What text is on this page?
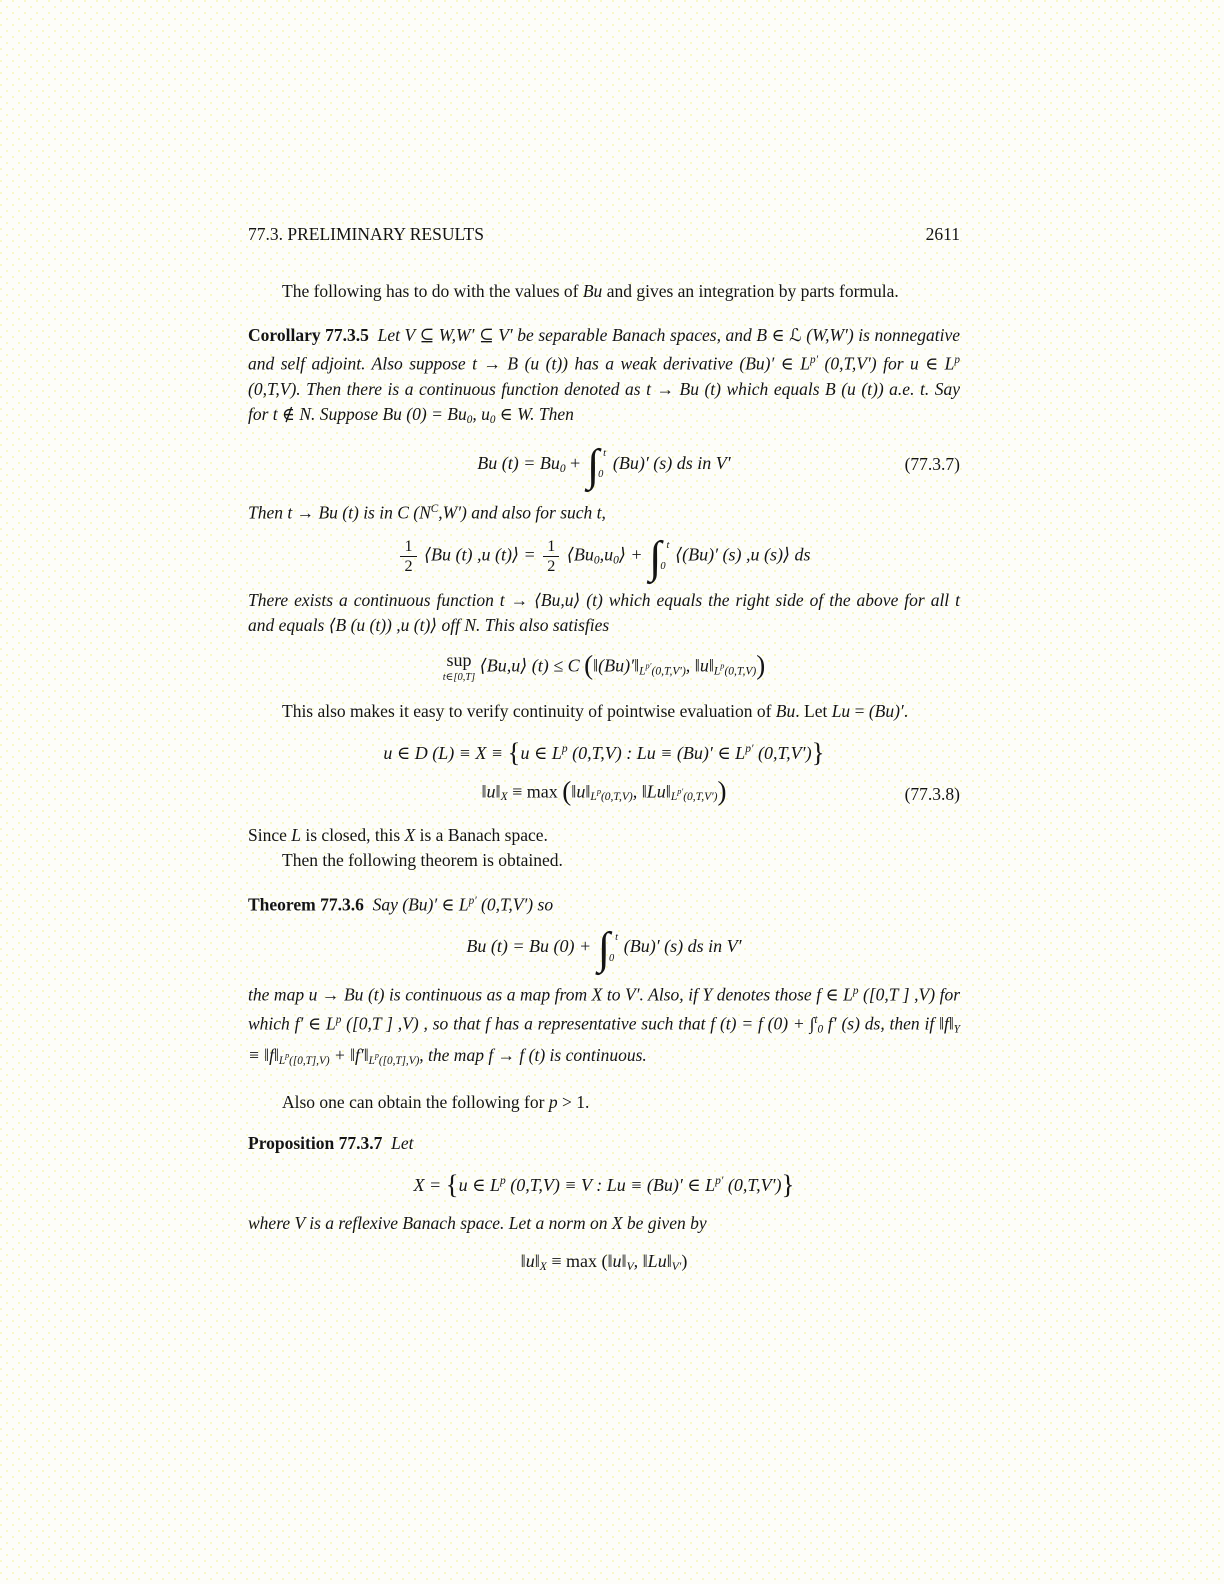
77.3. PRELIMINARY RESULTS	2611

The following has to do with the values of Bu and gives an integration by parts formula.

Corollary 77.3.5  Let V ⊆ W,W′ ⊆ V′ be separable Banach spaces, and B ∈ ℒ (W,W′) is nonnegative and self adjoint. Also suppose t → B (u (t)) has a weak derivative (Bu)′ ∈ $L^{p'}$ (0,T,V′) for u ∈ $L^p$ (0,T,V). Then there is a continuous function denoted as t → Bu (t) which equals B (u (t)) a.e. t. Say for t ∉ N. Suppose Bu $(0) = Bu_0$, $u_0$ ∈ W. Then

Bu $(t) = Bu_0$ + ∫ t
0
(Bu)′ (s) ds in V′	(77.3.7)

Then t → Bu (t) is in C $(N^C,W')$ and also for such t,

$\frac{1}{2}$ ⟨Bu (t) ,u (t)⟩ = $\frac{1}{2}$ $⟨Bu_0,u_0⟩$ + ∫ t
0
⟨(Bu)′ (s) ,u (s)⟩ ds

There exists a continuous function t → ⟨Bu,u⟩ (t) which equals the right side of the above for all t and equals ⟨B (u (t)) ,u (t)⟩ off N. This also satisfies

sup
t∈[0,T]
⟨Bu,u⟩ (t) ≤ C ($‖(Bu)'‖_Lp'_{(0,T,V')}$, $‖u‖_Lp_{(0,T,V)}$)

This also makes it easy to verify continuity of pointwise evaluation of Bu. Let Lu = (Bu)′.

u ∈ D (L) ≡ X ≡ {u ∈ $L^p$ (0,T,V) : Lu ≡ (Bu)′ ∈ $L^{p'}$ (0,T,V′)}
$‖u‖_X \equiv \max$ ($‖u‖_Lp_{(0,T,V)}$, $‖Lu‖_Lp'_{(0,T,V')}$)	(77.3.8)

Since L is closed, this X is a Banach space.

Then the following theorem is obtained.

Theorem 77.3.6  Say (Bu)′ ∈ $L^{p'}$ (0,T,V′) so

Bu (t) = Bu (0) + ∫ t
0
(Bu)′ (s) ds in V′

the map u → Bu (t) is continuous as a map from X to V′. Also, if Y denotes those f ∈ $L^p$ ([0,T ] ,V) for which f′ ∈ $L^p$ ([0,T ] ,V) , so that f has a representative such that f (t) = f (0) + ∫$^t_0$ f′ (s) ds, then if $‖f‖_Y$ ≡ $‖f‖_Lp_{([0,T],V)}$ + $‖f'‖_Lp_{([0,T],V)}$, the map f → f (t) is continuous.

Also one can obtain the following for p > 1.

Proposition 77.3.7  Let

X = {u ∈ $L^p$ (0,T,V) ≡ V : Lu ≡ (Bu)′ ∈ $L^{p'}$ (0,T,V′)}

where V is a reflexive Banach space. Let a norm on X be given by

$‖u‖_X \equiv \max$ ($‖u‖_V$, $‖Lu‖_{V'}$)
